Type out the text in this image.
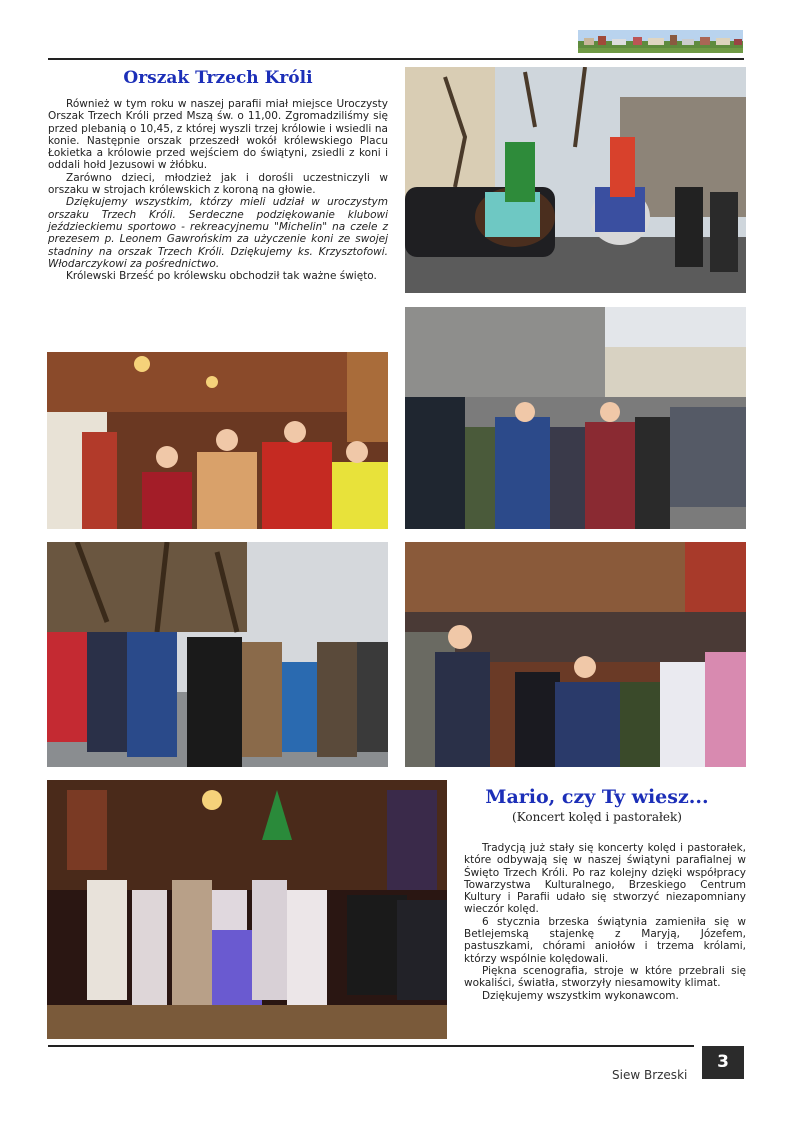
Orszak Trzech Króli

Również w tym roku w naszej parafii miał miejsce Uroczysty Orszak Trzech Króli przed Mszą św. o 11,00. Zgromadziliśmy się przed plebanią o 10,45, z której wyszli trzej królowie i wsiedli na konie. Następnie orszak przeszedł wokół królewskiego Placu Łokietka a królowie przed wejściem do świątyni, zsiedli z koni i oddali hołd Jezusowi w żłóbku.

Zarówno dzieci, młodzież jak i dorośli uczestniczyli w orszaku w strojach królewskich z koroną na głowie.

Dziękujemy wszystkim, którzy mieli udział w uroczystym orszaku Trzech Króli. Serdeczne podziękowanie klubowi jeździeckiemu sportowo - rekreacyjnemu "Michelin" na czele z prezesem p. Leonem Gawrońskim za użyczenie koni ze swojej stadniny na orszak Trzech Króli. Dziękujemy ks. Krzysztofowi. Włodarczykowi za pośrednictwo.

Królewski Brześć po królewsku obchodził tak ważne święto.

Mario, czy Ty wiesz...
(Koncert kolęd i pastorałek)

Tradycją już stały się koncerty kolęd i pastorałek, które odbywają się w naszej świątyni parafialnej w Święto Trzech Króli. Po raz kolejny dzięki współpracy Towarzystwa Kulturalnego, Brzeskiego Centrum Kultury i Parafii udało się stworzyć niezapomniany wieczór kolęd.

6 stycznia brzeska świątynia zamieniła się w Betlejemską stajenkę z Maryją, Józefem, pastuszkami, chórami aniołów i trzema królami, którzy wspólnie kolędowali.

Piękna scenografia, stroje w które przebrali się wokaliści, światła, stworzyły niesamowity klimat.

Dziękujemy wszystkim wykonawcom.

Siew Brzeski
3
